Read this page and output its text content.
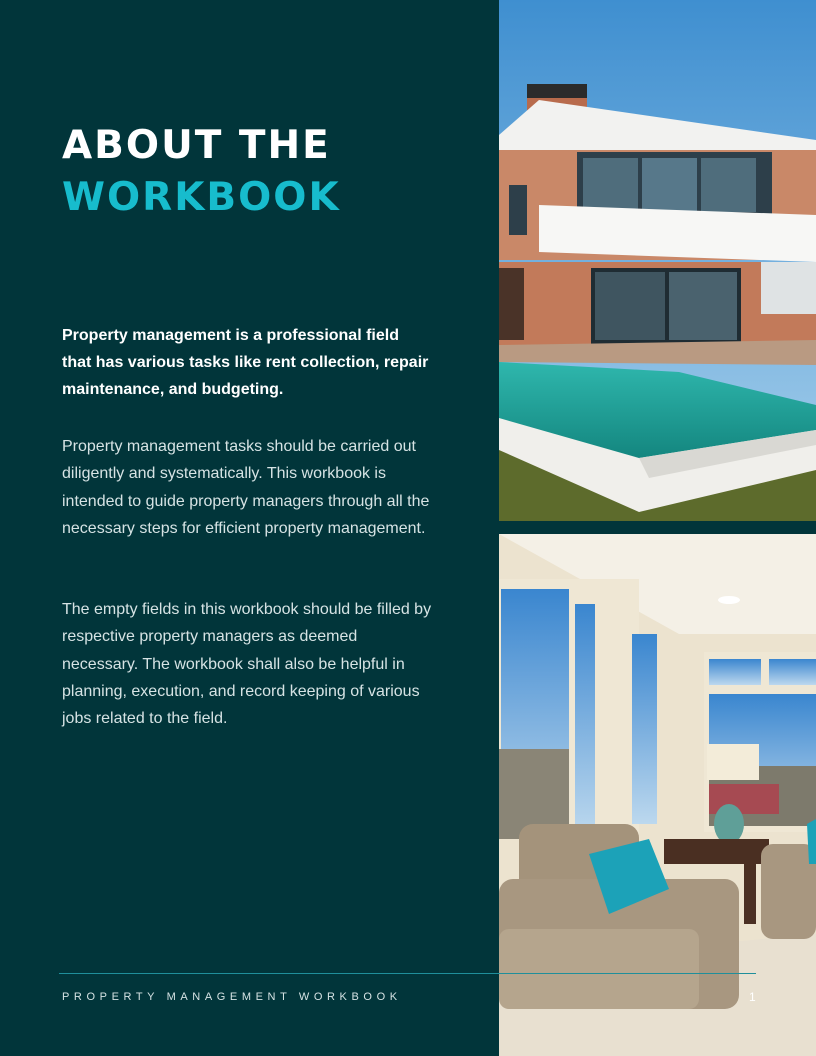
ABOUT THE
WORKBOOK

Property management is a professional field that has various tasks like rent collection, repair maintenance, and budgeting.

Property management tasks should be carried out diligently and systematically. This workbook is intended to guide property managers through all the necessary steps for efficient property management.

The empty fields in this workbook should be filled by respective property managers as deemed necessary. The workbook shall also be helpful in planning, execution, and record keeping of various jobs related to the field.

PROPERTY MANAGEMENT WORKBOOK	1
